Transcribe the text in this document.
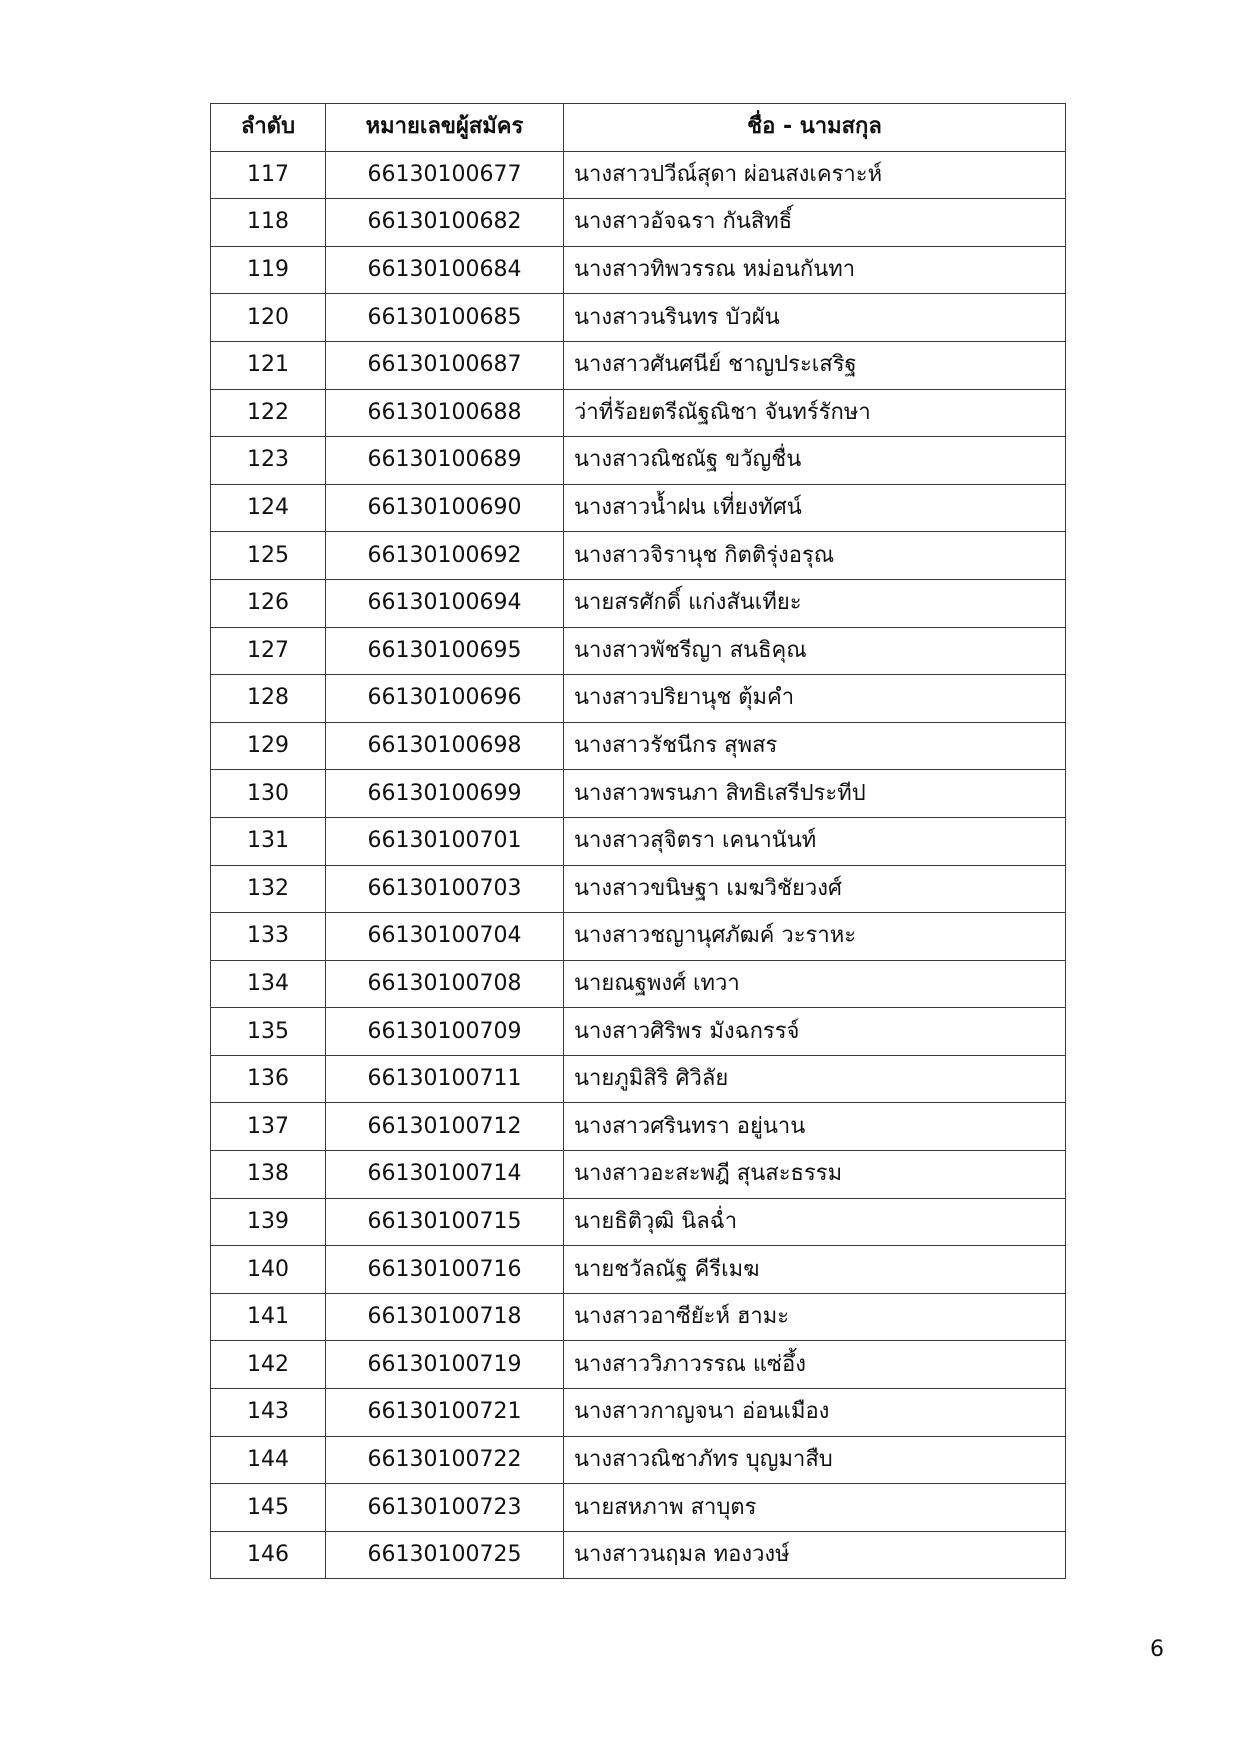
ลำดับ	หมายเลขผู้สมัคร	ชื่อ - นามสกุล
117	66130100677	นางสาวปวีณ์สุดา ผ่อนสงเคราะห์
118	66130100682	นางสาวอัจฉรา กันสิทธิ์
119	66130100684	นางสาวทิพวรรณ หม่อนกันทา
120	66130100685	นางสาวนรินทร บัวผัน
121	66130100687	นางสาวศันศนีย์ ชาญประเสริฐ
122	66130100688	ว่าที่ร้อยตรีณัฐณิชา จันทร์รักษา
123	66130100689	นางสาวณิชณัฐ ขวัญชื่น
124	66130100690	นางสาวน้ำฝน เที่ยงทัศน์
125	66130100692	นางสาวจิรานุช กิตติรุ่งอรุณ
126	66130100694	นายสรศักดิ์ แก่งสันเทียะ
127	66130100695	นางสาวพัชรีญา สนธิคุณ
128	66130100696	นางสาวปริยานุช ตุ้มคำ
129	66130100698	นางสาวรัชนีกร สุพสร
130	66130100699	นางสาวพรนภา สิทธิเสรีประทีป
131	66130100701	นางสาวสุจิตรา เคนานันท์
132	66130100703	นางสาวขนิษฐา เมฆวิชัยวงศ์
133	66130100704	นางสาวชญานุศภัฒค์ วะราหะ
134	66130100708	นายณฐพงศ์ เทวา
135	66130100709	นางสาวศิริพร มังฉกรรจ์
136	66130100711	นายภูมิสิริ ศิวิลัย
137	66130100712	นางสาวศรินทรา อยู่นาน
138	66130100714	นางสาวอะสะพฎี สุนสะธรรม
139	66130100715	นายธิติวุฒิ นิลฉ่ำ
140	66130100716	นายชวัลณัฐ คีรีเมฆ
141	66130100718	นางสาวอาซียัะห์ ฮามะ
142	66130100719	นางสาววิภาวรรณ แซ่อึ้ง
143	66130100721	นางสาวกาญจนา อ่อนเมือง
144	66130100722	นางสาวณิชาภัทร บุญมาสืบ
145	66130100723	นายสหภาพ สาบุตร
146	66130100725	นางสาวนฤมล ทองวงษ์
6
